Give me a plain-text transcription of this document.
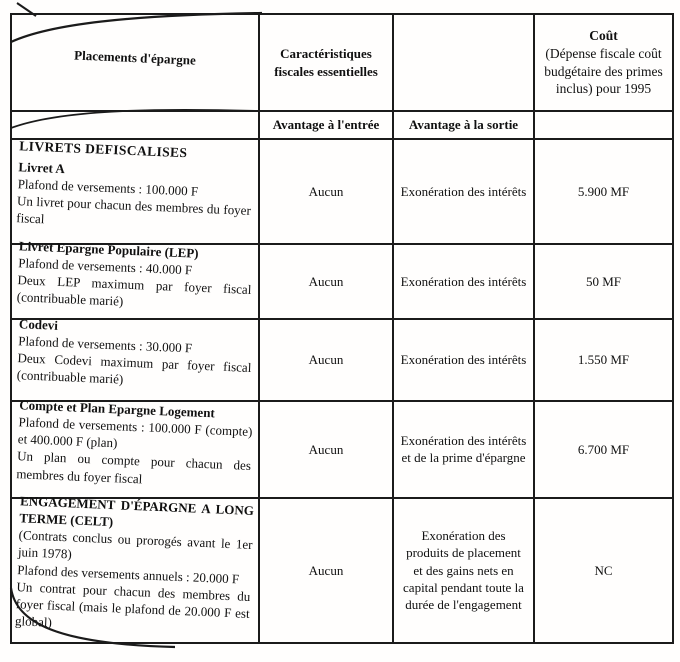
Placements d'épargne	Caractéristiques fiscales essentielles		Coût
(Dépense fiscale coût budgétaire des primes inclus) pour 1995

	Avantage à l'entrée	Avantage à la sortie	

LIVRETS DEFISCALISES
Livret A
Plafond de versements : 100.000 F
Un livret pour chacun des membres du foyer fiscal	Aucun	Exonération des intérêts	5.900 MF

Livret Epargne Populaire (LEP)
Plafond de versements : 40.000 F
Deux LEP maximum par foyer fiscal (contribuable marié)	Aucun	Exonération des intérêts	50 MF

Codevi
Plafond de versements : 30.000 F
Deux Codevi maximum par foyer fiscal (contribuable marié)	Aucun	Exonération des intérêts	1.550 MF

Compte et Plan Epargne Logement
Plafond de versements : 100.000 F (compte) et 400.000 F (plan)
Un plan ou compte pour chacun des membres du foyer fiscal	Aucun	Exonération des intérêts et de la prime d'épargne	6.700 MF

ENGAGEMENT D'ÉPARGNE A LONG TERME (CELT)
(Contrats conclus ou prorogés avant le 1er juin 1978)
Plafond des versements annuels : 20.000 F
Un contrat pour chacun des membres du foyer fiscal (mais le plafond de 20.000 F est global)	Aucun	Exonération des produits de placement et des gains nets en capital pendant toute la durée de l'engagement	NC
